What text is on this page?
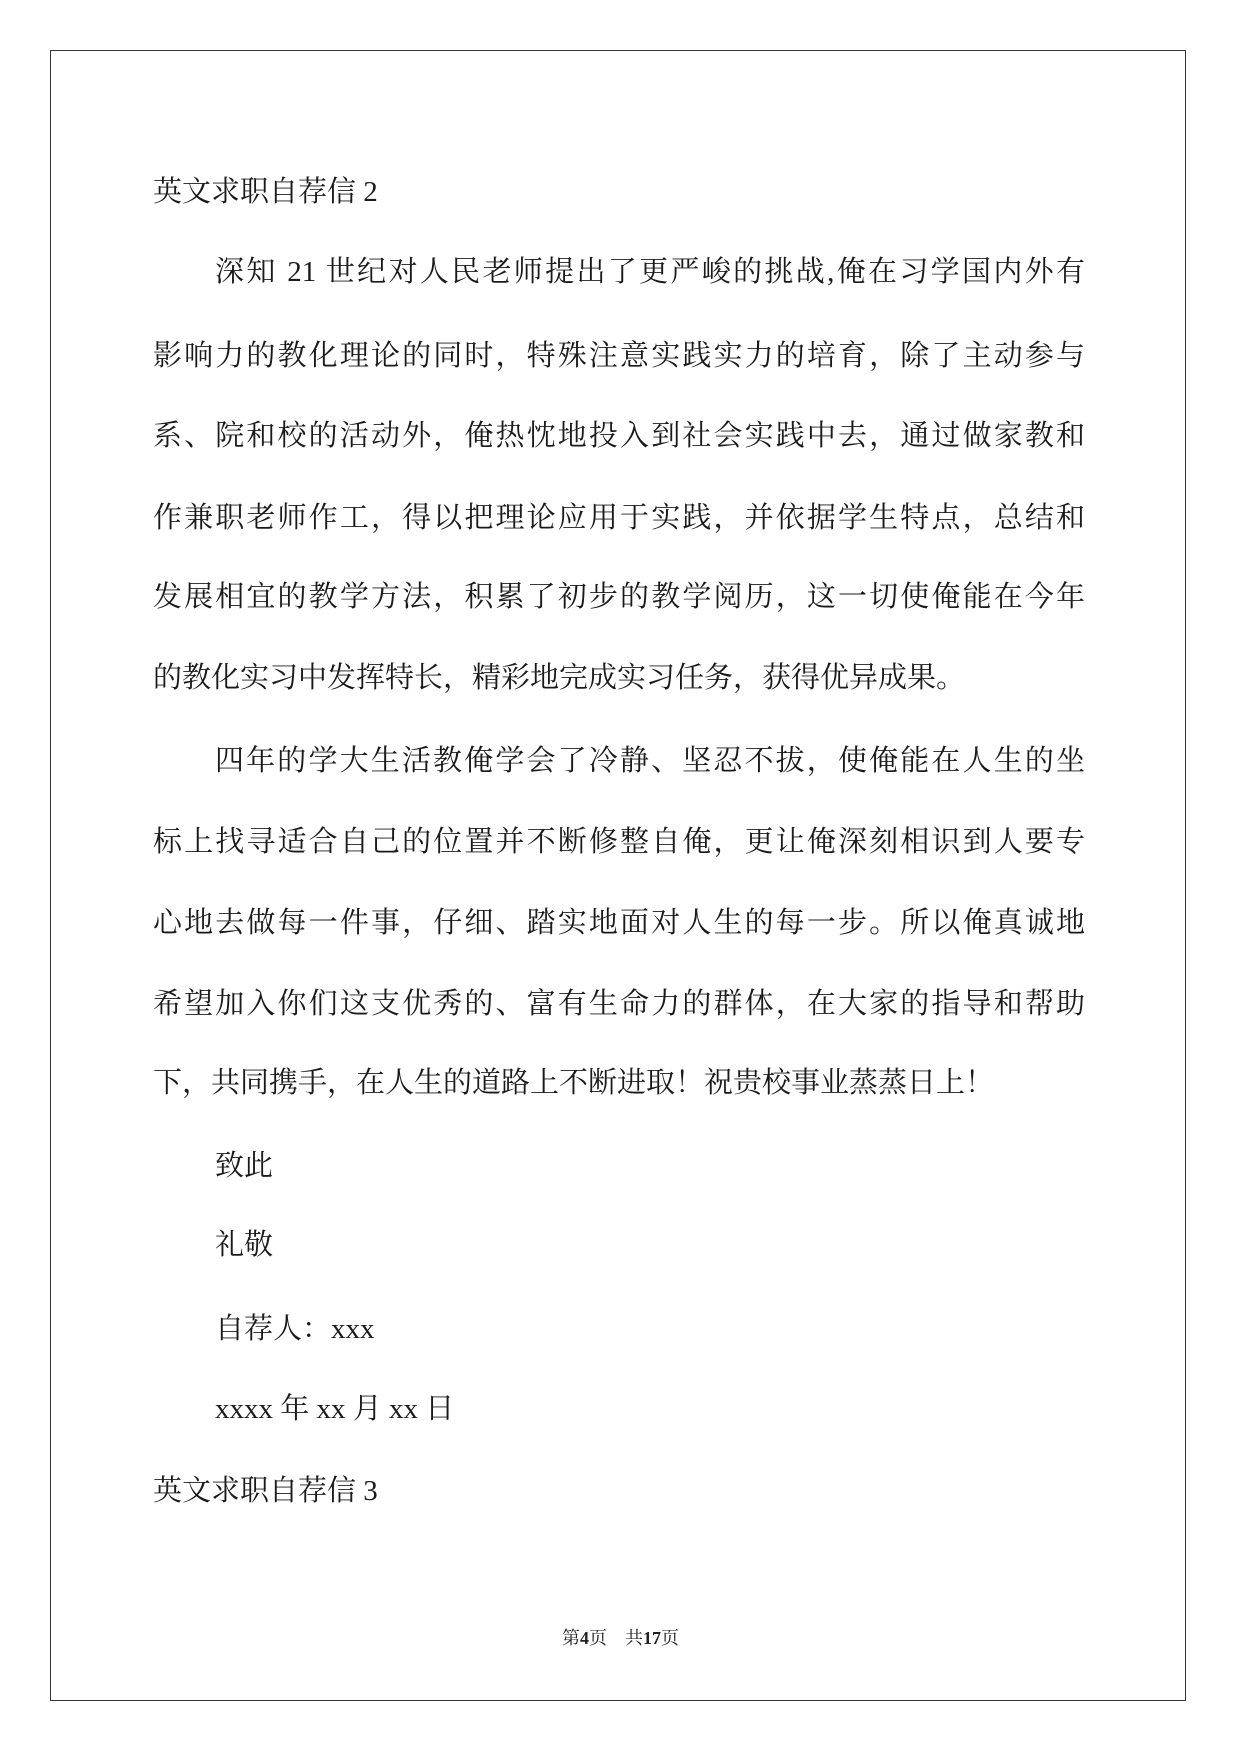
英文求职自荐信 2
深知 21 世纪对人民老师提出了更严峻的挑战,俺在习学国内外有
影响力的教化理论的同时，特殊注意实践实力的培育，除了主动参与
系、院和校的活动外，俺热忱地投入到社会实践中去，通过做家教和
作兼职老师作工，得以把理论应用于实践，并依据学生特点，总结和
发展相宜的教学方法，积累了初步的教学阅历，这一切使俺能在今年
的教化实习中发挥特长，精彩地完成实习任务，获得优异成果。
四年的学大生活教俺学会了冷静、坚忍不拔，使俺能在人生的坐
标上找寻适合自己的位置并不断修整自俺，更让俺深刻相识到人要专
心地去做每一件事，仔细、踏实地面对人生的每一步。所以俺真诚地
希望加入你们这支优秀的、富有生命力的群体，在大家的指导和帮助
下，共同携手，在人生的道路上不断进取！祝贵校事业蒸蒸日上！
致此
礼敬
自荐人：xxx
xxxx 年 xx 月 xx 日
英文求职自荐信 3
第4页 共17页
